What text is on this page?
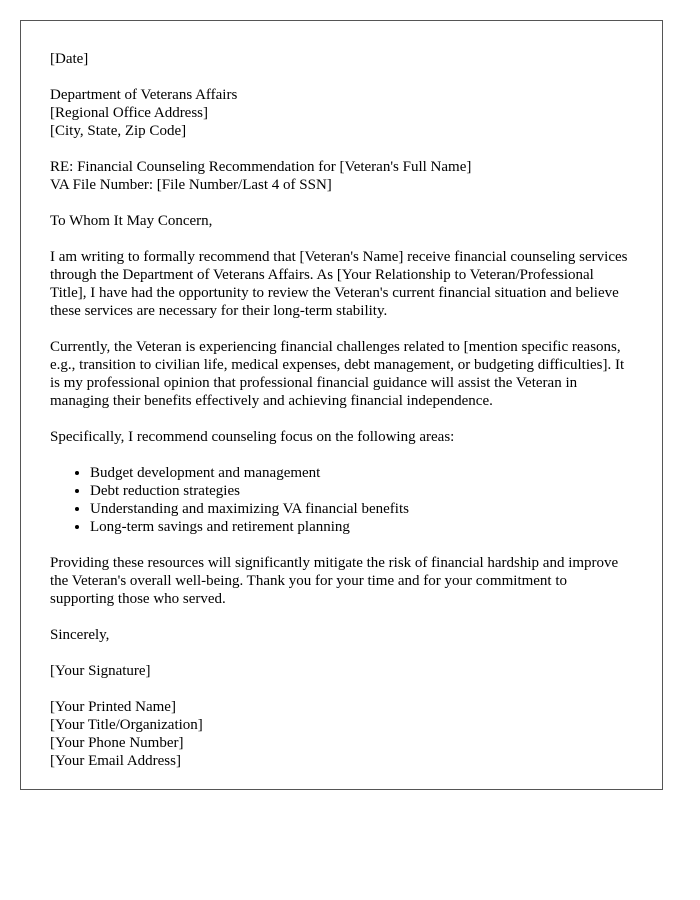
[Date]

Department of Veterans Affairs
[Regional Office Address]
[City, State, Zip Code]

RE: Financial Counseling Recommendation for [Veteran's Full Name]
VA File Number: [File Number/Last 4 of SSN]

To Whom It May Concern,

I am writing to formally recommend that [Veteran's Name] receive financial counseling services through the Department of Veterans Affairs. As [Your Relationship to Veteran/Professional Title], I have had the opportunity to review the Veteran's current financial situation and believe these services are necessary for their long-term stability.

Currently, the Veteran is experiencing financial challenges related to [mention specific reasons, e.g., transition to civilian life, medical expenses, debt management, or budgeting difficulties]. It is my professional opinion that professional financial guidance will assist the Veteran in managing their benefits effectively and achieving financial independence.

Specifically, I recommend counseling focus on the following areas:

• Budget development and management
• Debt reduction strategies
• Understanding and maximizing VA financial benefits
• Long-term savings and retirement planning

Providing these resources will significantly mitigate the risk of financial hardship and improve the Veteran's overall well-being. Thank you for your time and for your commitment to supporting those who served.

Sincerely,

[Your Signature]

[Your Printed Name]
[Your Title/Organization]
[Your Phone Number]
[Your Email Address]
